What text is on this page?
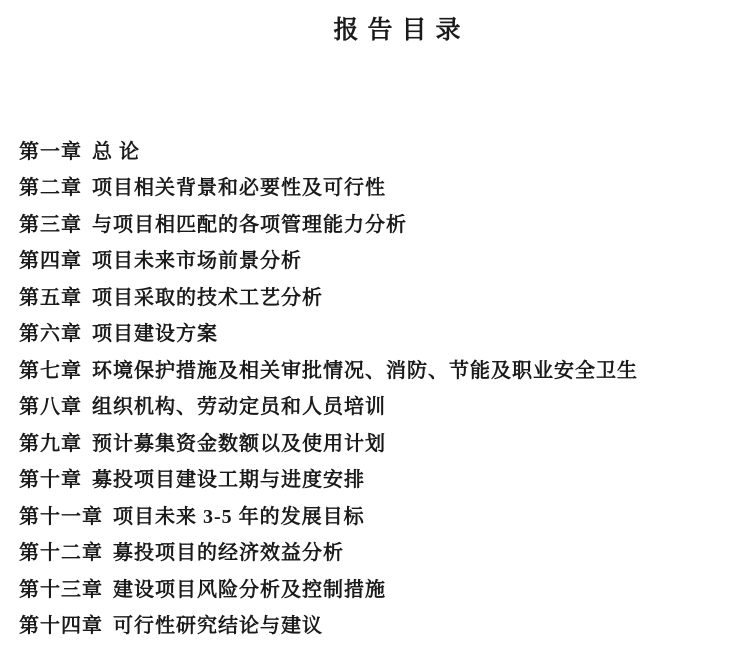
报告目录
第一章 总 论
第二章 项目相关背景和必要性及可行性
第三章 与项目相匹配的各项管理能力分析
第四章 项目未来市场前景分析
第五章 项目采取的技术工艺分析
第六章 项目建设方案
第七章 环境保护措施及相关审批情况、消防、节能及职业安全卫生
第八章 组织机构、劳动定员和人员培训
第九章 预计募集资金数额以及使用计划
第十章 募投项目建设工期与进度安排
第十一章 项目未来 3-5 年的发展目标
第十二章 募投项目的经济效益分析
第十三章 建设项目风险分析及控制措施
第十四章 可行性研究结论与建议
